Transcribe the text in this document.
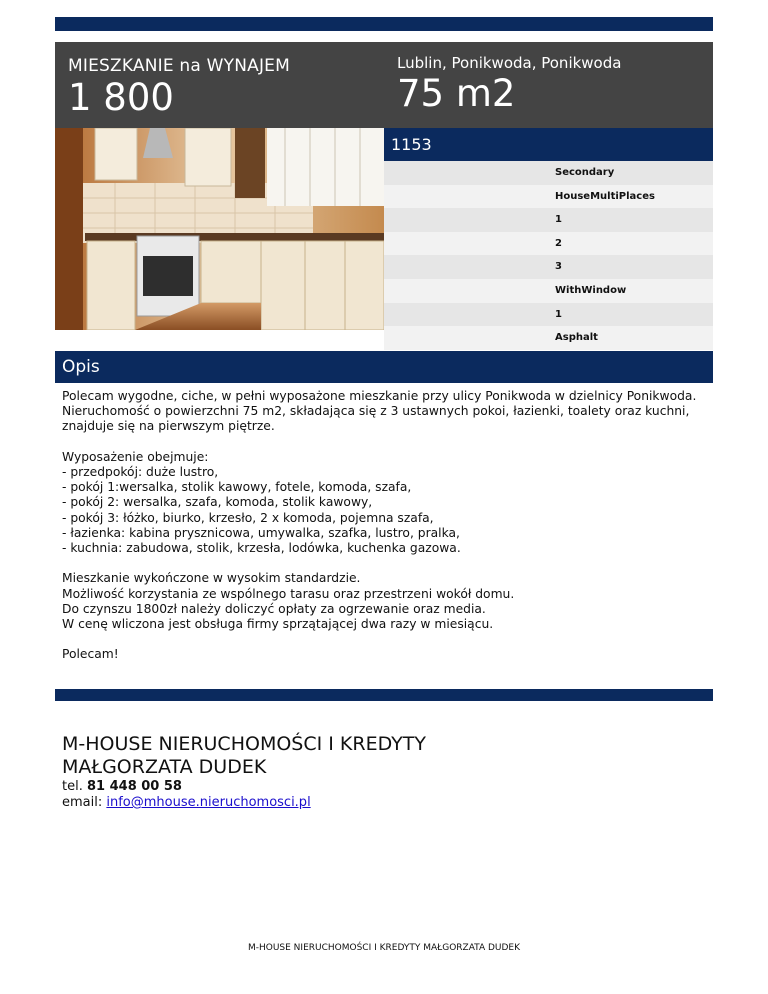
MIESZKANIE na WYNAJEM
1 800
Lublin, Ponikwoda, Ponikwoda
75 m2
1153
Secondary
HouseMultiPlaces
1
2
3
WithWindow
1
Asphalt
Opis

Polecam wygodne, ciche, w pełni wyposażone mieszkanie przy ulicy Ponikwoda w dzielnicy Ponikwoda.
Nieruchomość o powierzchni 75 m2, składająca się z 3 ustawnych pokoi, łazienki, toalety oraz kuchni, znajduje się na pierwszym piętrze.

Wyposażenie obejmuje:
- przedpokój: duże lustro,
- pokój 1:wersalka, stolik kawowy, fotele, komoda, szafa,
- pokój 2: wersalka, szafa, komoda, stolik kawowy,
- pokój 3: łóżko, biurko, krzesło, 2 x komoda, pojemna szafa,
- łazienka: kabina prysznicowa, umywalka, szafka, lustro, pralka,
- kuchnia: zabudowa, stolik, krzesła, lodówka, kuchenka gazowa.

Mieszkanie wykończone w wysokim standardzie.
Możliwość korzystania ze wspólnego tarasu oraz przestrzeni wokół domu.
Do czynszu 1800zł należy doliczyć opłaty za ogrzewanie oraz media.
W cenę wliczona jest obsługa firmy sprzątającej dwa razy w miesiącu.

Polecam!

M-HOUSE NIERUCHOMOŚCI I KREDYTY
MAŁGORZATA DUDEK
tel. 81 448 00 58
email: info@mhouse.nieruchomosci.pl
M-HOUSE NIERUCHOMOŚCI I KREDYTY MAŁGORZATA DUDEK
